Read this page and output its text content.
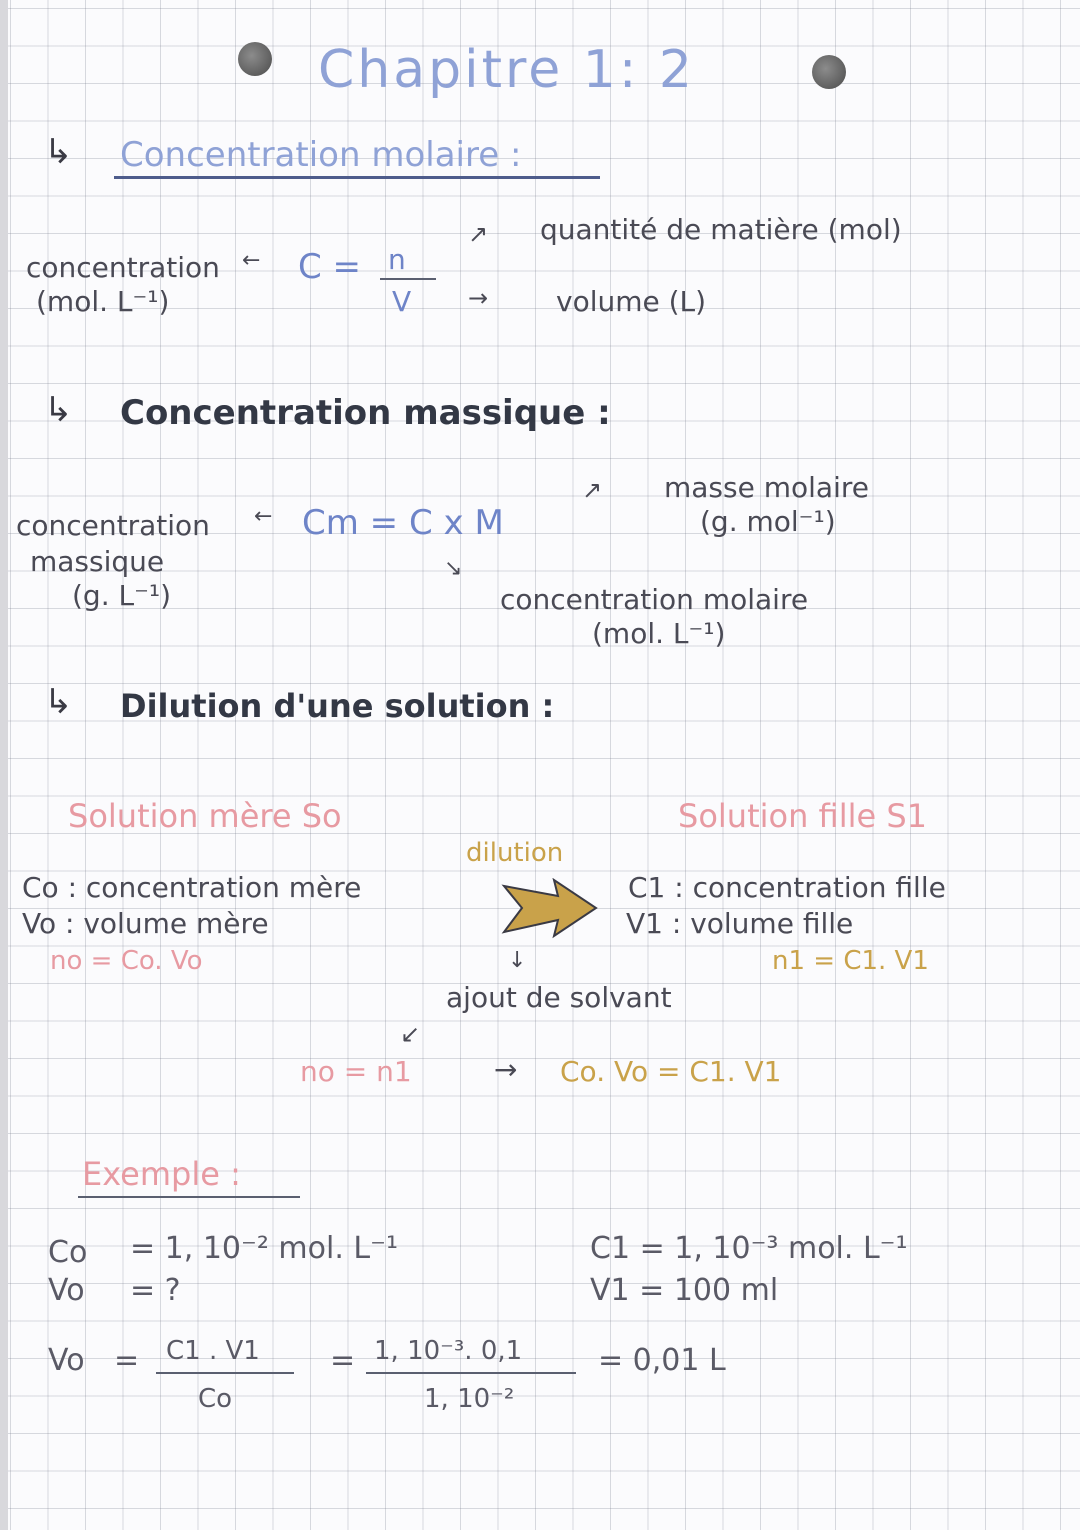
Chapitre 1: 2
↳ Concentration molaire :
concentration ←
(mol. L⁻¹)
C = n
V
↗
→
quantité de matière (mol)
volume (L)
↳ Concentration massique :
concentration ←
massique
(g. L⁻¹)
Cm = C x M
↗ masse molaire
(g. mol⁻¹)
↘
concentration molaire
(mol. L⁻¹)
↳ Dilution d'une solution :
Solution mère So	Solution fille S1
dilution
Co : concentration mère
Vo : volume mère
no = Co. Vo
C1 : concentration fille
V1 : volume fille
n1 = C1. V1
↓
ajout de solvant
↙
no = n1	→ Co. Vo = C1. V1
Exemple :
Co = 1, 10⁻² mol. L⁻¹
Vo = ?
C1 = 1, 10⁻³ mol. L⁻¹
V1 = 100 ml
Vo = C1 . V1
Co
= 1, 10⁻³. 0,1
1, 10⁻²
= 0,01 L
